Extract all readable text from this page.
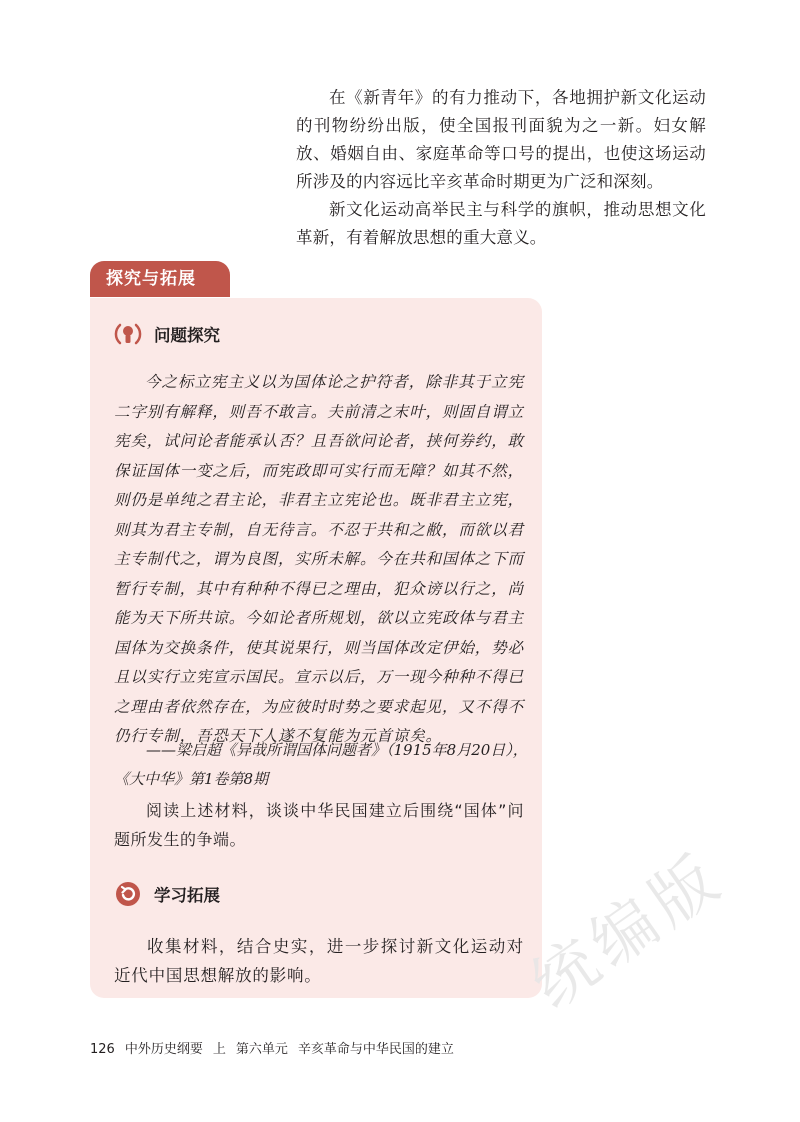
在《新青年》的有力推动下，各地拥护新文化运动的刊物纷纷出版，使全国报刊面貌为之一新。妇女解放、婚姻自由、家庭革命等口号的提出，也使这场运动所涉及的内容远比辛亥革命时期更为广泛和深刻。

新文化运动高举民主与科学的旗帜，推动思想文化革新，有着解放思想的重大意义。

探究与拓展
问题探究
今之标立宪主义以为国体论之护符者，除非其于立宪二字别有解释，则吾不敢言。夫前清之末叶，则固自谓立宪矣，试问论者能承认否？且吾欲问论者，挟何券约，敢保证国体一变之后，而宪政即可实行而无障？如其不然，则仍是单纯之君主论，非君主立宪论也。既非君主立宪，则其为君主专制，自无待言。不忍于共和之敝，而欲以君主专制代之，谓为良图，实所未解。今在共和国体之下而暂行专制，其中有种种不得已之理由，犯众谤以行之，尚能为天下所共谅。今如论者所规划，欲以立宪政体与君主国体为交换条件，使其说果行，则当国体改定伊始，势必且以实行立宪宣示国民。宣示以后，万一现今种种不得已之理由者依然存在，为应彼时时势之要求起见，又不得不仍行专制，吾恐天下人遂不复能为元首谅矣。
——梁启超《异哉所谓国体问题者》（1915年8月20日），
《大中华》第1卷第8期
阅读上述材料，谈谈中华民国建立后围绕“国体”问题所发生的争端。
学习拓展
收集材料，结合史实，进一步探讨新文化运动对近代中国思想解放的影响。	统编版
126 中外历史纲要 上 第六单元 辛亥革命与中华民国的建立
